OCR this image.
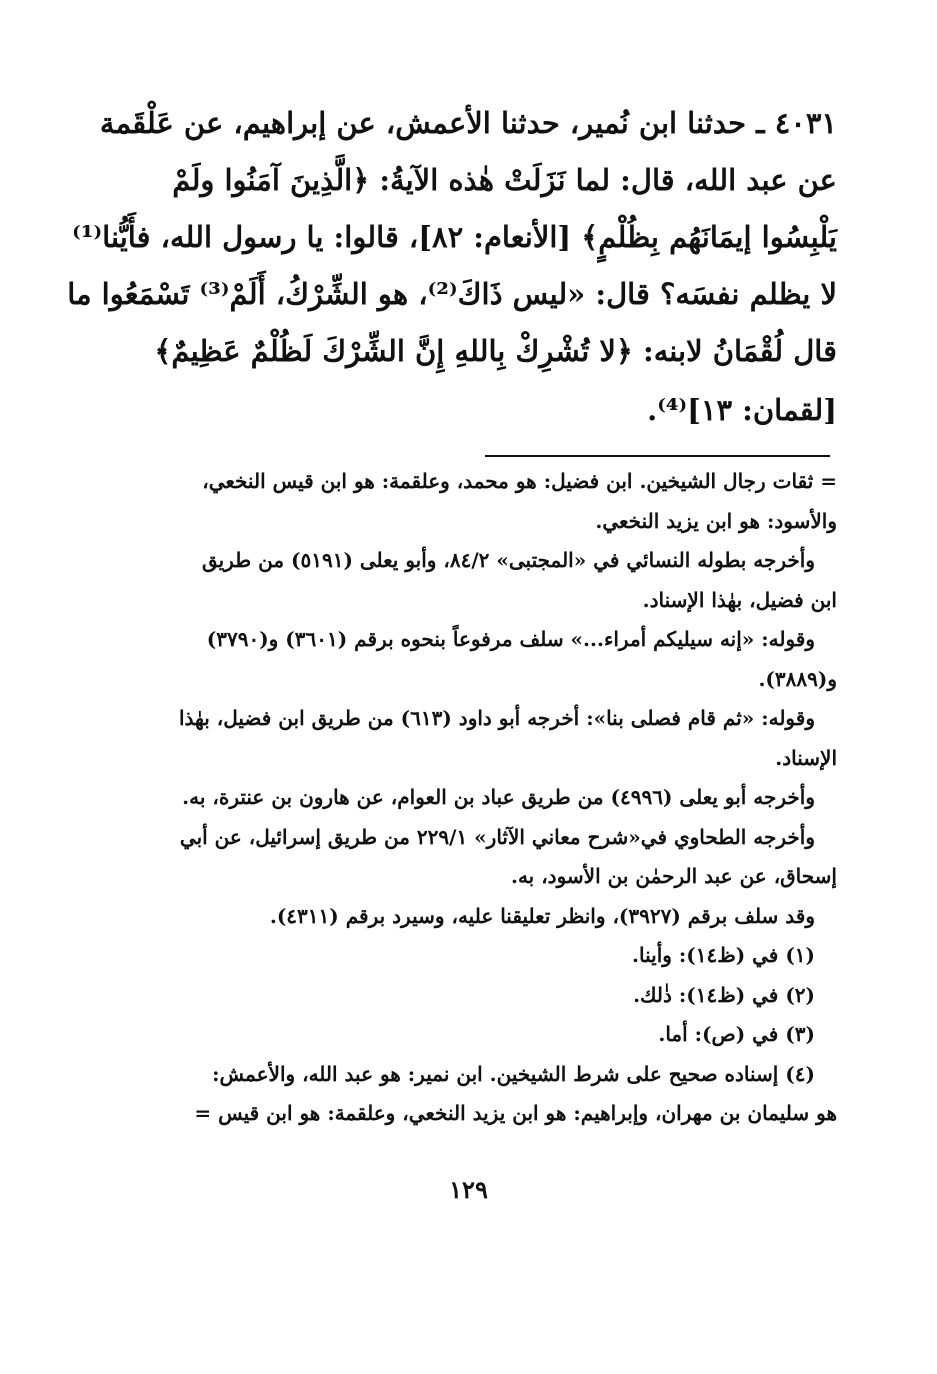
٤٠٣١ ـ حدثنا ابن نُمير، حدثنا الأعمش، عن إبراهيم، عن عَلْقَمة
عن عبد الله، قال: لما نَزَلَتْ هٰذه الآيةُ: ﴿الَّذِينَ آمَنُوا ولَمْ
يَلْبِسُوا إيمَانَهُم بِظُلْمٍ﴾ [الأنعام: ٨٢]، قالوا: يا رسول الله، فأَيُّنا⁽¹⁾
لا يظلم نفسَه؟ قال: «ليس ذَاكَ⁽²⁾، هو الشِّرْكُ، أَلَمْ⁽³⁾ تَسْمَعُوا ما
قال لُقْمَانُ لابنه: ﴿لا تُشْرِكْ بِاللهِ إِنَّ الشِّرْكَ لَظُلْمٌ عَظِيمٌ﴾
[لقمان: ١٣]⁽⁴⁾.
= ثقات رجال الشيخين. ابن فضيل: هو محمد، وعلقمة: هو ابن قيس النخعي،
والأسود: هو ابن يزيد النخعي.
وأخرجه بطوله النسائي في «المجتبى» ٨٤/٢، وأبو يعلى (٥١٩١) من طريق
ابن فضيل، بهٰذا الإسناد.
وقوله: «إنه سيليكم أمراء...» سلف مرفوعاً بنحوه برقم (٣٦٠١) و(٣٧٩٠)
و(٣٨٨٩).
وقوله: «ثم قام فصلى بنا»: أخرجه أبو داود (٦١٣) من طريق ابن فضيل، بهٰذا
الإسناد.
وأخرجه أبو يعلى (٤٩٩٦) من طريق عباد بن العوام، عن هارون بن عنترة، به.
وأخرجه الطحاوي في«شرح معاني الآثار» ٢٢٩/١ من طريق إسرائيل، عن أبي
إسحاق، عن عبد الرحمٰن بن الأسود، به.
وقد سلف برقم (٣٩٢٧)، وانظر تعليقنا عليه، وسيرد برقم (٤٣١١).
(١) في (ظ١٤): وأينا.
(٢) في (ظ١٤): ذٰلك.
(٣) في (ص): أما.
(٤) إسناده صحيح على شرط الشيخين. ابن نمير: هو عبد الله، والأعمش:
هو سليمان بن مهران، وإبراهيم: هو ابن يزيد النخعي، وعلقمة: هو ابن قيس =
١٢٩
